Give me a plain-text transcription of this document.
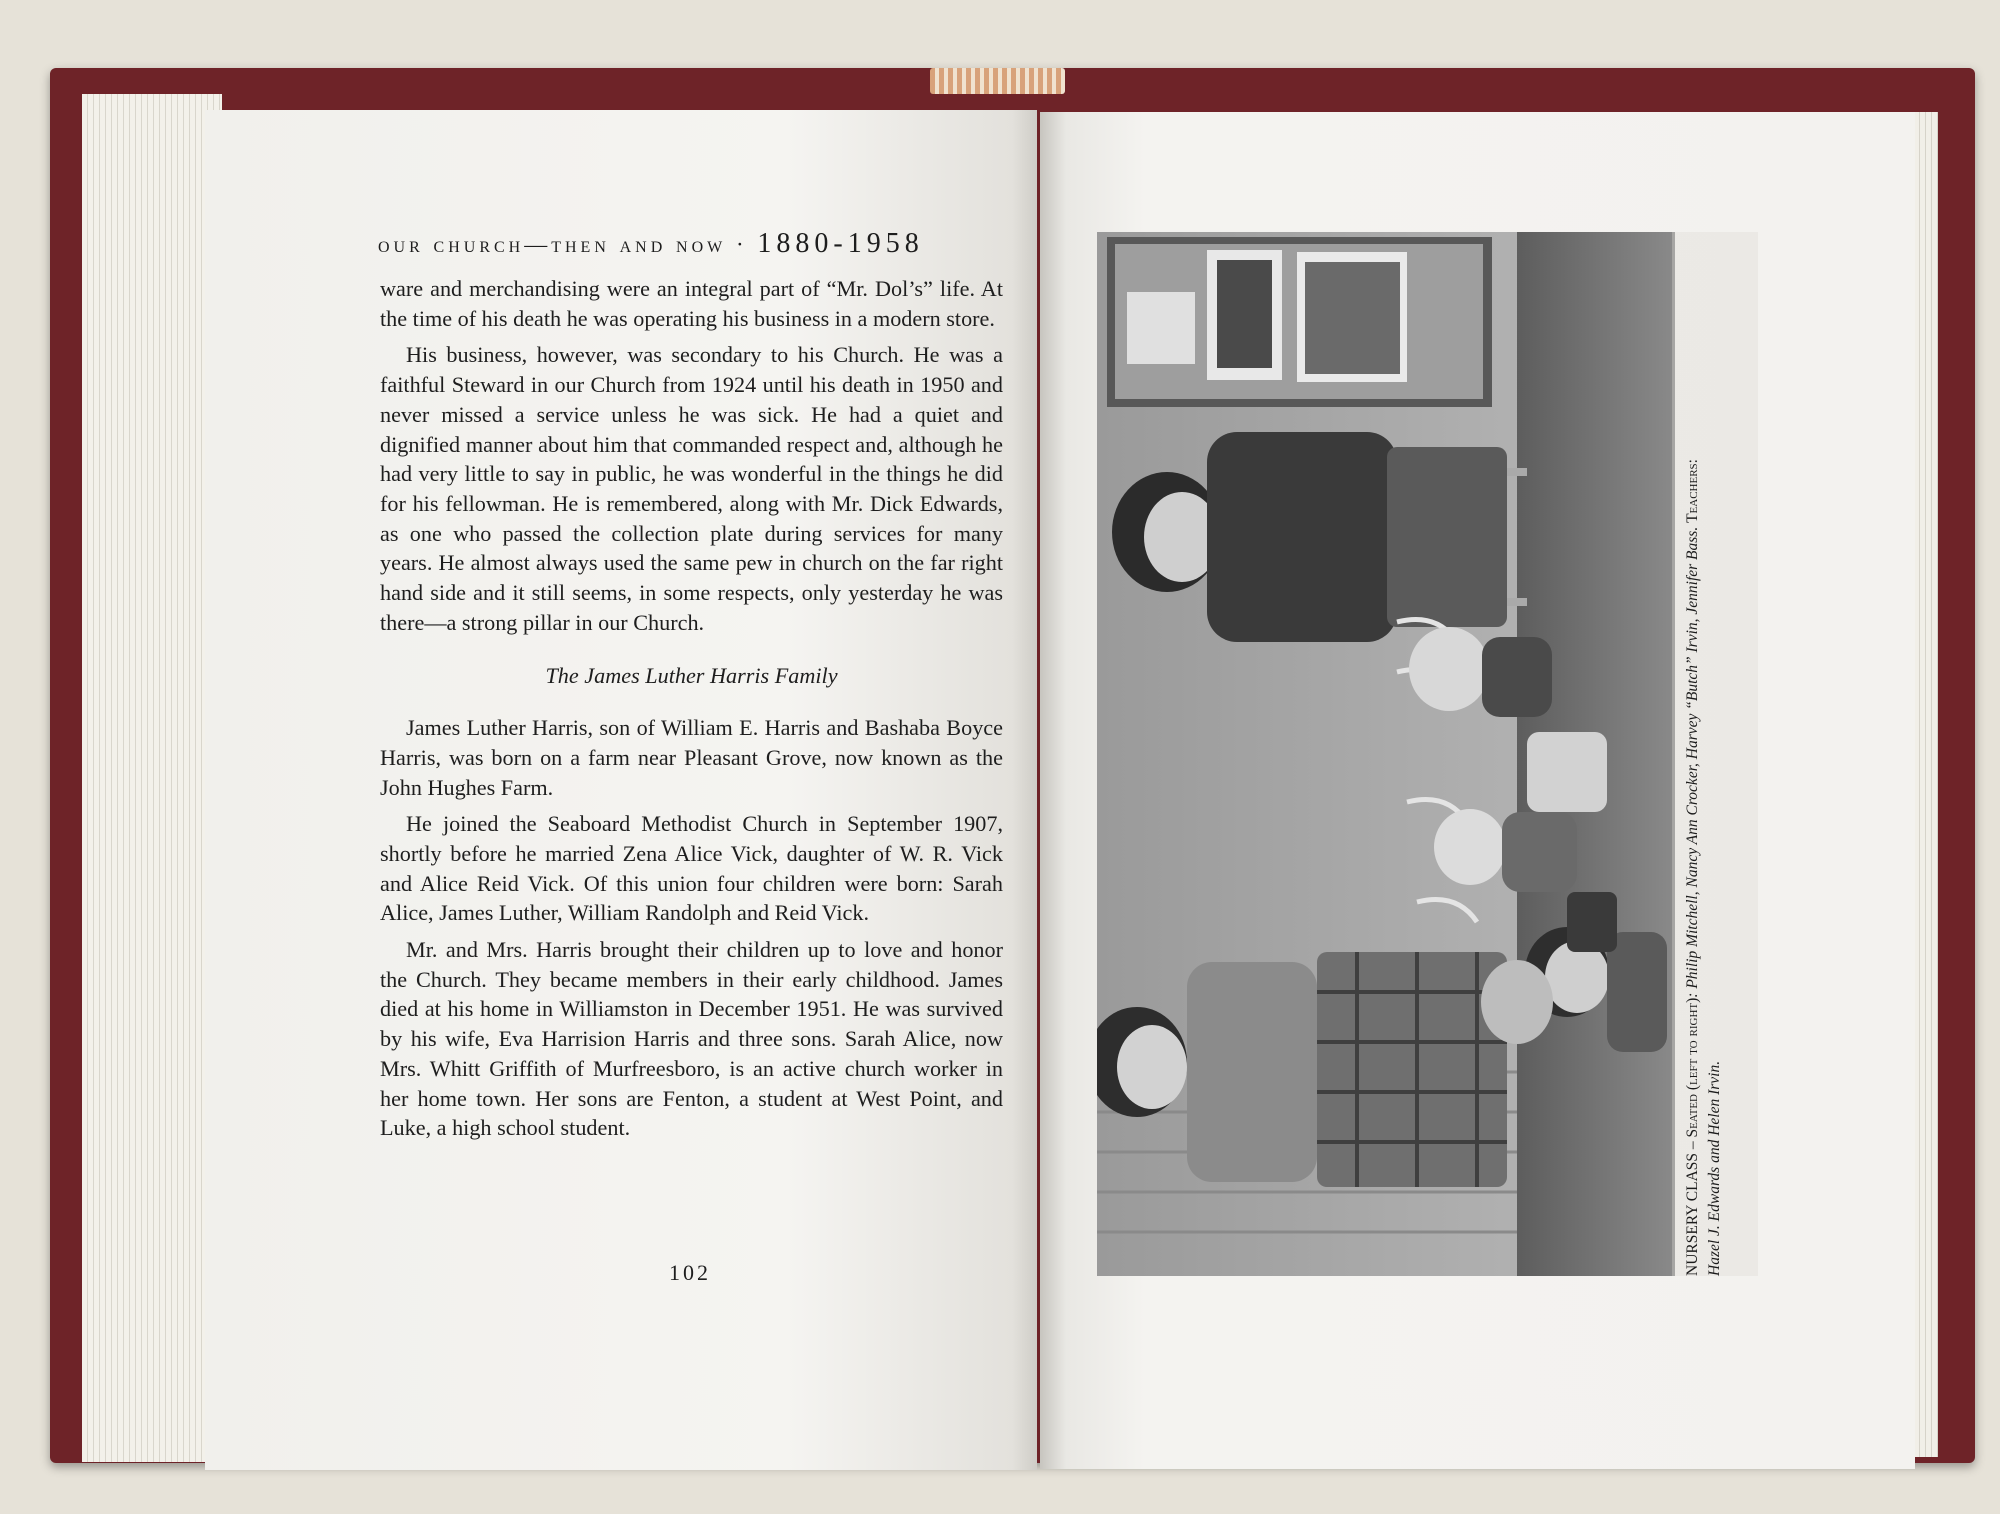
our church—then and now · 1880-1958

ware and merchandising were an integral part of “Mr. Dol’s” life. At the time of his death he was operating his business in a modern store.

His business, however, was secondary to his Church. He was a faithful Steward in our Church from 1924 until his death in 1950 and never missed a service unless he was sick. He had a quiet and dignified manner about him that commanded respect and, although he had very little to say in public, he was wonderful in the things he did for his fellowman. He is remembered, along with Mr. Dick Edwards, as one who passed the collection plate during services for many years. He almost always used the same pew in church on the far right hand side and it still seems, in some respects, only yesterday he was there—a strong pillar in our Church.

The James Luther Harris Family

James Luther Harris, son of William E. Harris and Bashaba Boyce Harris, was born on a farm near Pleasant Grove, now known as the John Hughes Farm.

He joined the Seaboard Methodist Church in September 1907, shortly before he married Zena Alice Vick, daughter of W. R. Vick and Alice Reid Vick. Of this union four children were born: Sarah Alice, James Luther, William Randolph and Reid Vick.

Mr. and Mrs. Harris brought their children up to love and honor the Church. They became members in their early childhood. James died at his home in Williamston in December 1951. He was survived by his wife, Eva Harrision Harris and three sons. Sarah Alice, now Mrs. Whitt Griffith of Murfreesboro, is an active church worker in her home town. Her sons are Fenton, a student at West Point, and Luke, a high school student.

102	NURSERY CLASS – Seated (left to right): Philip Mitchell, Nancy Ann Crocker, Harvey “Butch” Irvin, Jennifer Bass. Teachers:
Hazel J. Edwards and Helen Irvin.
